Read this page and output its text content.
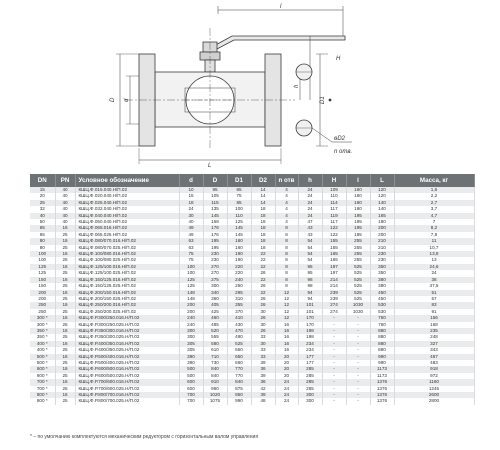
l
D d
h
H
D1
ѳD2
n отв.
L
DN	PN	Условное обозначение	d	D	D1	D2	n отв	h	H	l	L	Масса, кг
15	40	КШЦ.Ф.015.040.Н/П.02	10	95	65	14	4	24	109	160	120	1,6
20	40	КШЦ.Ф.020.040.Н/П.02	15	105	75	14	4	24	110	160	120	2,2
25	40	КШЦ.Ф.025.040.Н/П.02	18	115	85	14	4	24	114	160	140	2,7
32	40	КШЦ.Ф.032.040.Н/П.02	24	135	100	18	4	24	117	160	140	3,7
40	40	КШЦ.Ф.040.040.Н/П.02	30	145	110	18	4	24	119	195	165	4,7
50	40	КШЦ.Ф.050.040.Н/П.02	40	158	125	18	4	47	117	195	180	7
65	16	КШЦ.Ф.065.016.Н/П.02	49	176	145	18	8	43	122	195	200	8,2
65	25	КШЦ.Ф.065.025.Н/П.02	49	176	145	18	8	43	122	195	200	7,8
80	16	КШЦ.Ф.080/070.016.Н/П.02	63	195	160	18	8	54	155	255	210	11
80	25	КШЦ.Ф.080/070.025.Н/П.02	63	195	160	18	8	54	155	255	210	10,7
100	16	КШЦ.Ф.100/080.016.Н/П.02	75	230	190	22	8	54	165	255	230	13,8
100	25	КШЦ.Ф.100/080.025.Н/П.02	75	230	190	22	8	54	165	255	230	13
125	16	КШЦ.Ф.125/100.016.Н/П.02	100	270	220	22	8	95	197	525	350	24,6
125	25	КШЦ.Ф.125/100.025.Н/П.02	100	270	220	26	8	95	197	525	350	24
150	16	КШЦ.Ф.150/125.016.Н/П.02	125	275	240	22	8	98	214	525	380	38
150	25	КШЦ.Ф.150/125.025.Н/П.02	125	300	250	26	8	98	214	525	380	37,5
200	16	КШЦ.Ф.200/150.016.Н/П.02	148	340	295	22	12	94	239	525	450	51
200	25	КШЦ.Ф.200/150.025.Н/П.02	148	360	310	26	12	94	239	525	450	57
250	16	КШЦ.Ф.250/200.016.Н/П.02	200	405	355	26	12	101	274	1030	530	83
250	25	КШЦ.Ф.250/200.025.Н/П.02	200	425	370	30	12	101	274	1030	530	91
300 *	16	КШЦ.Ф.Р.300/250.016.Н/П.02	240	460	410	26	12	170	-	-	750	156
300 *	25	КШЦ.Ф.Р.300/250.025.Н/П.02	240	485	430	30	16	170	-	-	750	168
350 *	16	КШЦ.Ф.Р.350/300.016.Н/П.02	300	520	470	26	16	198	-	-	880	235
350 *	25	КШЦ.Ф.Р.350/300.025.Н/П.02	300	555	490	33	16	198	-	-	880	248
400 *	16	КШЦ.Ф.Р.400/350.016.Н/П.02	305	580	525	30	16	234	-	-	880	327
400 *	25	КШЦ.Ф.Р.400/350.025.Н/П.02	305	610	550	33	16	234	-	-	880	343
500 *	16	КШЦ.Ф.Р.500/400.016.Н/П.02	390	710	650	33	20	177	-	-	990	467
500 *	25	КШЦ.Ф.Р.500/400.025.Н/П.02	390	730	660	39	20	177	-	-	990	483
600 *	16	КШЦ.Ф.Р.600/500.016.Н/П.02	500	840	770	36	20	285	-	-	1173	918
600 *	25	КШЦ.Ф.Р.600/500.025.Н/П.02	500	840	770	39	20	285	-	-	1173	972
700 *	16	КШЦ.Ф.Р.700/600.016.Н/П.02	600	910	840	36	24	285	-	-	1376	1160
700 *	25	КШЦ.Ф.Р.700/600.025.Н/П.02	600	960	875	42	24	285	-	-	1376	1245
800 *	16	КШЦ.Ф.Р.800/700.016.Н/П.02	700	1020	950	39	24	300	-	-	1376	2600
800 *	25	КШЦ.Ф.Р.800/700.025.Н/П.02	700	1075	990	48	24	300	-	-	1376	2800
* – по умолчанию комплектуются механическим редуктором с горизонтальным валом управления
